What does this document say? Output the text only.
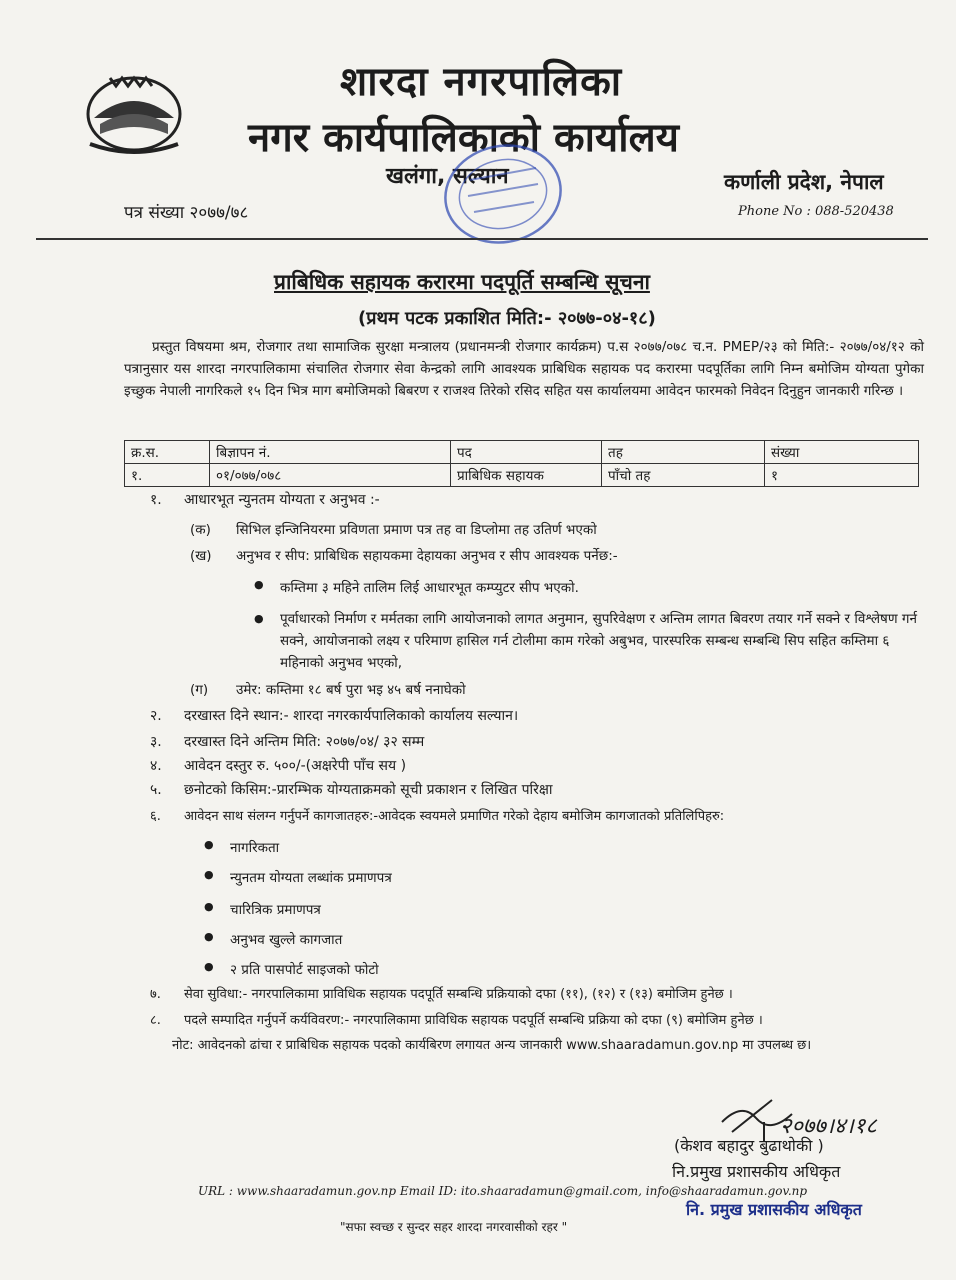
शारदा नगरपालिका
नगर कार्यपालिकाको कार्यालय
खलंगा, सल्यान	कर्णाली प्रदेश, नेपाल
Phone No : 088-520438
पत्र संख्या २०७७/७८
प्राबिधिक सहायक करारमा पदपूर्ति सम्बन्धि सूचना
(प्रथम पटक प्रकाशित मिति:- २०७७-०४-१८)
प्रस्तुत विषयमा श्रम, रोजगार तथा सामाजिक सुरक्षा मन्त्रालय (प्रधानमन्त्री रोजगार कार्यक्रम) प.स २०७७/०७८ च.न. PMEP/२३ को मिति:- २०७७/०४/१२ को पत्रानुसार यस शारदा नगरपालिकामा संचालित रोजगार सेवा केन्द्रको लागि आवश्यक प्राबिधिक सहायक पद करारमा पदपूर्तिका लागि निम्न बमोजिम योग्यता पुगेका इच्छुक नेपाली नागरिकले १५ दिन भित्र माग बमोजिमको बिबरण र राजश्व तिरेको रसिद सहित यस कार्यालयमा आवेदन फारमको निवेदन दिनुहुन जानकारी गरिन्छ ।
क्र.स.	बिज्ञापन नं.	पद	तह	संख्या
१.	०१/०७७/०७८	प्राबिधिक सहायक	पाँचो तह	१
१. आधारभूत न्युनतम योग्यता र अनुभव :-
(क) सिभिल इन्जिनियरमा प्रविणता प्रमाण पत्र तह वा डिप्लोमा तह उतिर्ण भएको
(ख) अनुभव र सीप: प्राबिधिक सहायकमा देहायका अनुभव र सीप आवश्यक पर्नेछ:-
● कम्तिमा ३ महिने तालिम लिई आधारभूत कम्प्युटर सीप भएको.
● पूर्वाधारको निर्माण र मर्मतका लागि आयोजनाको लागत अनुमान, सुपरिवेक्षण र अन्तिम लागत बिवरण तयार गर्ने सक्ने र विश्लेषण गर्न सक्ने, आयोजनाको लक्ष्य र परिमाण हासिल गर्न टोलीमा काम गरेको अबुभव, पारस्परिक सम्बन्ध सम्बन्धि सिप सहित कम्तिमा ६ महिनाको अनुभव भएको,
(ग) उमेर: कम्तिमा १८ बर्ष पुरा भइ ४५ बर्ष ननाघेको
२. दरखास्त दिने स्थान:- शारदा नगरकार्यपालिकाको कार्यालय सल्यान।
३. दरखास्त दिने अन्तिम मिति: २०७७/०४/ ३२ सम्म
४. आवेदन दस्तुर रु. ५००/-(अक्षरेपी पाँच सय )
५. छनोटको किसिम:-प्रारम्भिक योग्यताक्रमको सूची प्रकाशन र लिखित परिक्षा
६. आवेदन साथ संलग्न गर्नुपर्ने कागजातहरु:-आवेदक स्वयमले प्रमाणित गरेको देहाय बमोजिम कागजातको प्रतिलिपिहरु:
● नागरिकता
● न्युनतम योग्यता लब्धांक प्रमाणपत्र
● चारित्रिक प्रमाणपत्र
● अनुभव खुल्ले कागजात
● २ प्रति पासपोर्ट साइजको फोटो
७. सेवा सुविधा:- नगरपालिकामा प्राविधिक सहायक पदपूर्ति सम्बन्धि प्रक्रियाको दफा (११), (१२) र (१३) बमोजिम हुनेछ ।
८. पदले सम्पादित गर्नुपर्ने कर्यविवरण:- नगरपालिकामा प्राविधिक सहायक पदपूर्ति सम्बन्धि प्रक्रिया को दफा (९) बमोजिम हुनेछ ।
नोट: आवेदनको ढांचा र प्राबिधिक सहायक पदको कार्यबिरण लगायत अन्य जानकारी www.shaaradamun.gov.np मा उपलब्ध छ।
२०७७।४।१८
(केशव बहादुर बुढाथोकी )
नि.प्रमुख प्रशासकीय अधिकृत
URL : www.shaaradamun.gov.np Email ID: ito.shaaradamun@gmail.com, info@shaaradamun.gov.np
"सफा स्वच्छ र सुन्दर सहर शारदा नगरवासीको रहर "
नि. प्रमुख प्रशासकीय अधिकृत
